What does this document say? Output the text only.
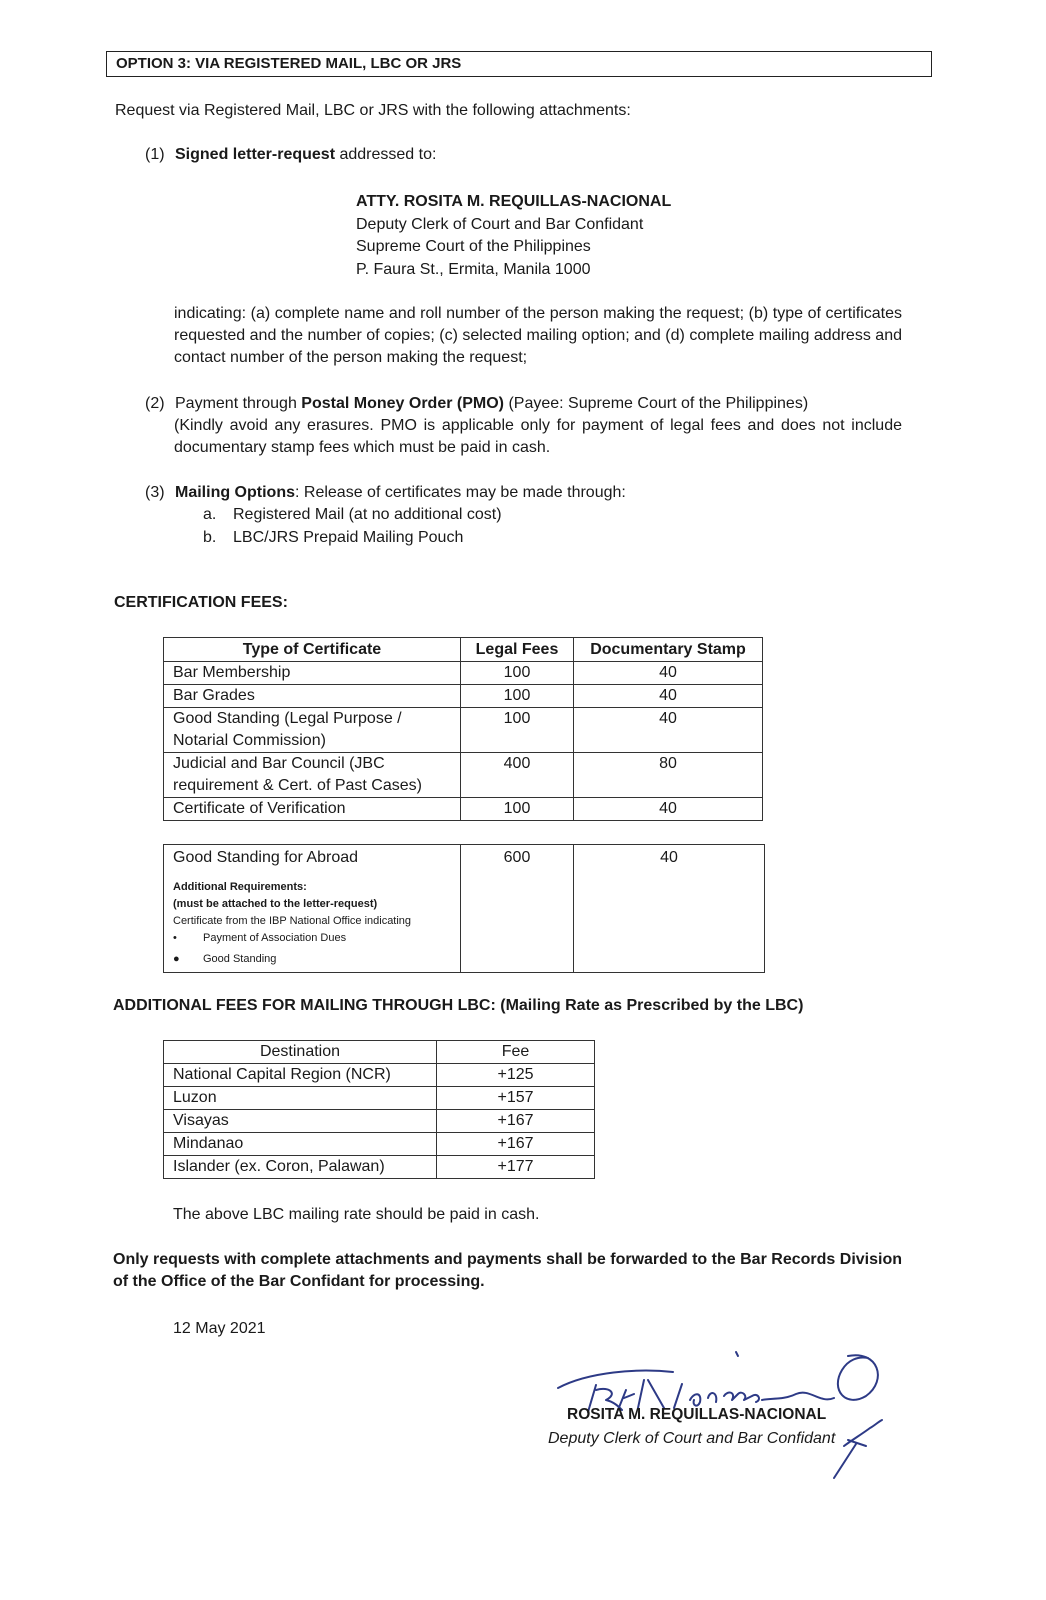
OPTION 3: VIA REGISTERED MAIL, LBC OR JRS
Request via Registered Mail, LBC or JRS with the following attachments:
(1) Signed letter-request addressed to:
ATTY. ROSITA M. REQUILLAS-NACIONAL
Deputy Clerk of Court and Bar Confidant
Supreme Court of the Philippines
P. Faura St., Ermita, Manila 1000
indicating: (a) complete name and roll number of the person making the request; (b) type of certificates requested and the number of copies; (c) selected mailing option; and (d) complete mailing address and contact number of the person making the request;
(2) Payment through Postal Money Order (PMO) (Payee: Supreme Court of the Philippines)
(Kindly avoid any erasures. PMO is applicable only for payment of legal fees and does not include documentary stamp fees which must be paid in cash.
(3) Mailing Options: Release of certificates may be made through:
a. Registered Mail (at no additional cost)
b. LBC/JRS Prepaid Mailing Pouch
CERTIFICATION FEES:
Type of Certificate	Legal Fees	Documentary Stamp
Bar Membership	100	40
Bar Grades	100	40
Good Standing (Legal Purpose / Notarial Commission)	100	40
Judicial and Bar Council (JBC requirement & Cert. of Past Cases)	400	80
Certificate of Verification	100	40
Good Standing for Abroad
Additional Requirements:
(must be attached to the letter-request)
Certificate from the IBP National Office indicating
•	Payment of Association Dues
●	Good Standing
	600	40
ADDITIONAL FEES FOR MAILING THROUGH LBC: (Mailing Rate as Prescribed by the LBC)
Destination	Fee
National Capital Region (NCR)	+125
Luzon	+157
Visayas	+167
Mindanao	+167
Islander (ex. Coron, Palawan)	+177
The above LBC mailing rate should be paid in cash.
Only requests with complete attachments and payments shall be forwarded to the Bar Records Division of the Office of the Bar Confidant for processing.
12 May 2021
ROSITA M. REQUILLAS-NACIONAL
Deputy Clerk of Court and Bar Confidant
